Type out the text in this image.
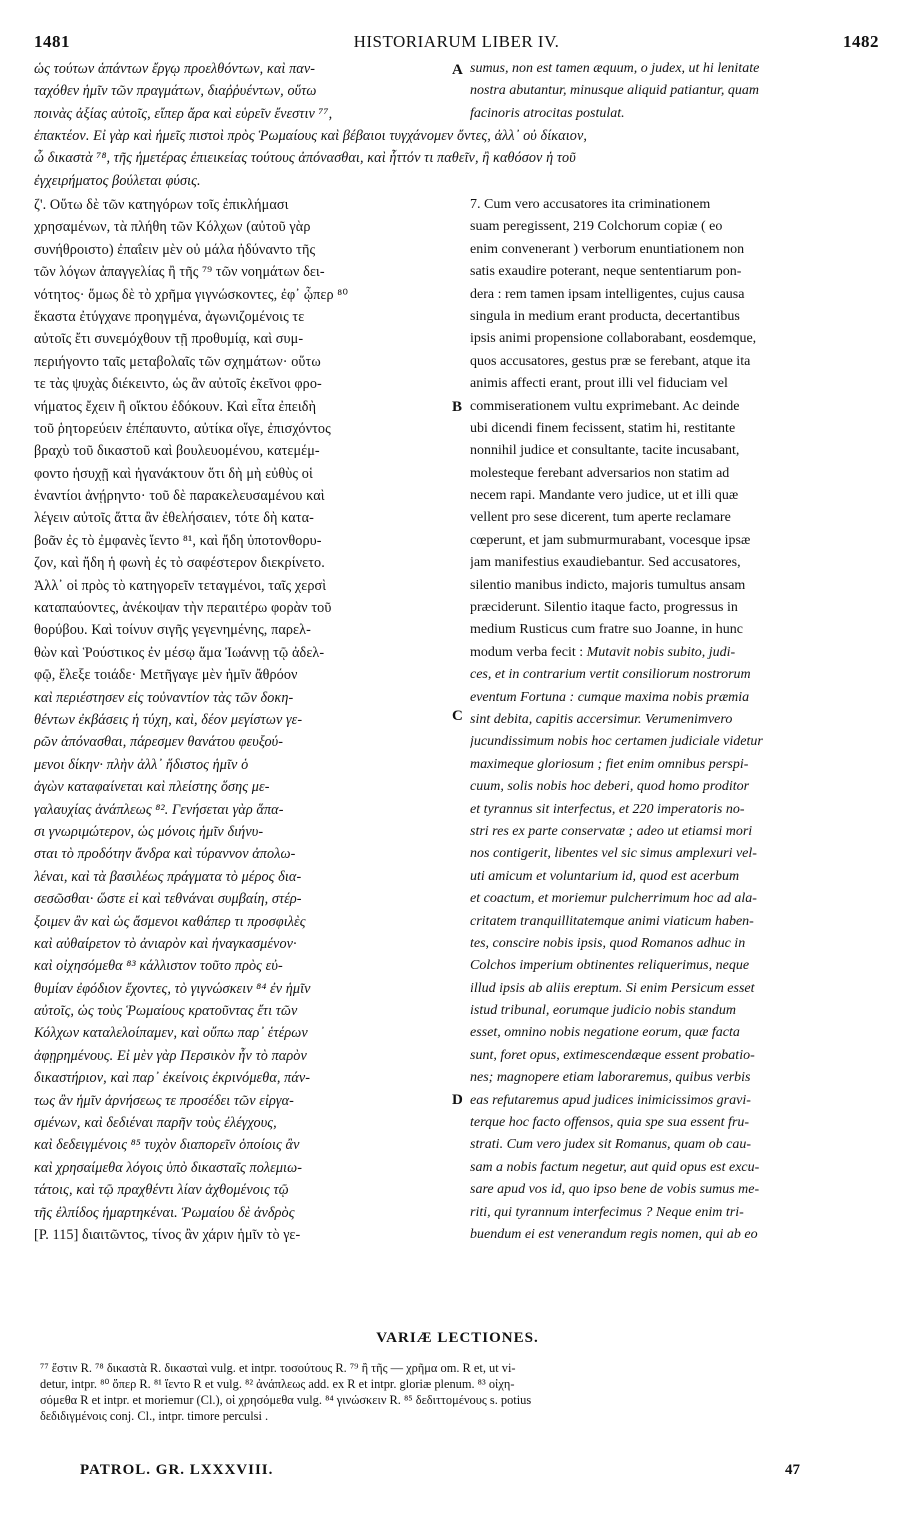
1481	HISTORIARUM LIBER IV.	1482
ὡς τούτων ἁπάντων ἔργῳ προελθόντων, καὶ παν-
ταχόθεν ἡμῖν τῶν πραγμάτων, διαῤῥυέντων, οὕτω
ποινὰς ἀξίας αὐτοῖς, εἴπερ ἄρα καὶ εὑρεῖν ἔνεστιν ⁷⁷,
sumus, non est tamen æquum, o judex, ut hi lenitate
nostra abutantur, minusque aliquid patiantur, quam
facinoris atrocitas postulat.
ἐπακτέον. Εἰ γὰρ καὶ ἡμεῖς πιστοὶ πρὸς Ῥωμαίους καὶ βέβαιοι τυγχάνομεν ὄντες, ἀλλ᾽ οὐ δίκαιον,
ὦ δικαστὰ ⁷⁸, τῆς ἡμετέρας ἐπιεικείας τούτους ἀπόνασθαι, καὶ ἧττόν τι παθεῖν, ἢ καθόσον ἡ τοῦ
ἐγχειρήματος βούλεται φύσις.
ζ'. Οὕτω δὲ τῶν κατηγόρων τοῖς ἐπικλήμασι
χρησαμένων, τὰ πλήθη τῶν Κόλχων (αὐτοῦ γὰρ
συνήθροιστο) ἐπαΐειν μὲν οὐ μάλα ἠδύναντο τῆς
τῶν λόγων ἀπαγγελίας ἢ τῆς ⁷⁹ τῶν νοημάτων δει-
νότητος· ὅμως δὲ τὸ χρῆμα γιγνώσκοντες, ἐφ᾽ ᾧπερ ⁸⁰
ἕκαστα ἐτύγχανε προηγμένα, ἀγωνιζομένοις τε
αὐτοῖς ἔτι συνεμόχθουν τῇ προθυμίᾳ, καὶ συμ-
περιήγοντο ταῖς μεταβολαῖς τῶν σχημάτων· οὕτω
τε τὰς ψυχὰς διέκειντο, ὡς ἂν αὐτοῖς ἐκεῖνοι φρο-
νήματος ἔχειν ἢ οἴκτου ἐδόκουν. Καὶ εἶτα ἐπειδὴ
τοῦ ῥητορεύειν ἐπέπαυντο, αὐτίκα οἵγε, ἐπισχόντος
βραχὺ τοῦ δικαστοῦ καὶ βουλευομένου, κατεμέμ-
φοντο ἡσυχῇ καὶ ἠγανάκτουν ὅτι δὴ μὴ εὐθὺς οἱ
ἐναντίοι ἀνῄρηντο· τοῦ δὲ παρακελευσαμένου καὶ
λέγειν αὐτοῖς ἅττα ἂν ἐθελήσαιεν, τότε δὴ κατα-
βοᾶν ἐς τὸ ἐμφανὲς ἵεντο ⁸¹, καὶ ἤδη ὑποτονθορυ-
ζον, καὶ ἤδη ἡ φωνὴ ἐς τὸ σαφέστερον διεκρίνετο.
Ἀλλ᾽ οἱ πρὸς τὸ κατηγορεῖν τεταγμένοι, ταῖς χερσὶ
καταπαύοντες, ἀνέκοψαν τὴν περαιτέρω φορὰν τοῦ
θορύβου. Καὶ τοίνυν σιγῆς γεγενημένης, παρελ-
θὼν καὶ Ῥούστικος ἐν μέσῳ ἅμα Ἰωάννῃ τῷ ἀδελ-
φῷ, ἔλεξε τοιάδε· Μετῆγαγε μὲν ἡμῖν ἄθρόον
καὶ περιέστησεν εἰς τοὐναντίον τὰς τῶν δοκη-
θέντων ἐκβάσεις ἡ τύχη, καὶ, δέον μεγίστων γε-
ρῶν ἀπόνασθαι, πάρεσμεν θανάτου φευξού-
μενοι δίκην· πλὴν ἀλλ᾽ ἥδιστος ἡμῖν ὁ
ἀγὼν καταφαίνεται καὶ πλείστης ὅσης με-
γαλαυχίας ἀνάπλεως ⁸². Γενήσεται γὰρ ἅπα-
σι γνωριμώτερον, ὡς μόνοις ἡμῖν διήνυ-
σται τὸ προδότην ἄνδρα καὶ τύραννον ἀπολω-
λέναι, καὶ τὰ βασιλέως πράγματα τὸ μέρος δια-
σεσῶσθαι· ὥστε εἰ καὶ τεθνάναι συμβαίη, στέρ-
ξοιμεν ἂν καὶ ὡς ἄσμενοι καθάπερ τι προσφιλὲς
καὶ αὐθαίρετον τὸ ἀνιαρὸν καὶ ἠναγκασμένον·
καὶ οἰχησόμεθα ⁸³ κάλλιστον τοῦτο πρὸς εὐ-
θυμίαν ἐφόδιον ἔχοντες, τὸ γιγνώσκειν ⁸⁴ ἐν ἡμῖν
αὐτοῖς, ὡς τοὺς Ῥωμαίους κρατοῦντας ἔτι τῶν
Κόλχων καταλελοίπαμεν, καὶ οὔπω παρ᾽ ἑτέρων
ἀφῃρημένους. Εἰ μὲν γὰρ Περσικὸν ἦν τὸ παρὸν
δικαστήριον, καὶ παρ᾽ ἐκείνοις ἐκρινόμεθα, πάν-
τως ἂν ἡμῖν ἀρνήσεως τε προσέδει τῶν εἰργα-
σμένων, καὶ δεδιέναι παρῆν τοὺς ἐλέγχους,
καὶ δεδειγμένοις ⁸⁵ τυχὸν διαπορεῖν ὁποίοις ἂν
καὶ χρησαίμεθα λόγοις ὑπὸ δικασταῖς πολεμιω-
τάτοις, καὶ τῷ πραχθέντι λίαν ἀχθομένοις τῷ
τῆς ἐλπίδος ἡμαρτηκέναι. Ῥωμαίου δὲ ἀνδρὸς
[P. 115] διαιτῶντος, τίνος ἂν χάριν ἡμῖν τὸ γε-
7. Cum vero accusatores ita criminationem
suam peregissent, 219 Colchorum copiæ ( eo
enim convenerant ) verborum enuntiationem non
satis exaudire poterant, neque sententiarum pon-
dera : rem tamen ipsam intelligentes, cujus causa
singula in medium erant producta, decertantibus
ipsis animi propensione collaborabant, eosdemque,
quos accusatores, gestus præ se ferebant, atque ita
animis affecti erant, prout illi vel fiduciam vel
commiserationem vultu exprimebant. Ac deinde
ubi dicendi finem fecissent, statim hi, restitante
nonnihil judice et consultante, tacite incusabant,
molesteque ferebant adversarios non statim ad
necem rapi. Mandante vero judice, ut et illi quæ
vellent pro sese dicerent, tum aperte reclamare
cœperunt, et jam submurmurabant, vocesque ipsæ
jam manifestius exaudiebantur. Sed accusatores,
silentio manibus indicto, majoris tumultus ansam
præciderunt. Silentio itaque facto, progressus in
medium Rusticus cum fratre suo Joanne, in hunc
modum verba fecit : Mutavit nobis subito, judi-
ces, et in contrarium vertit consiliorum nostrorum
eventum Fortuna : cumque maxima nobis præmia
sint debita, capitis accersimur. Verumenimvero
jucundissimum nobis hoc certamen judiciale videtur
maximeque gloriosum ; fiet enim omnibus perspi-
cuum, solis nobis hoc deberi, quod homo proditor
et tyrannus sit interfectus, et 220 imperatoris no-
stri res ex parte conservatæ ; adeo ut etiamsi mori
nos contigerit, libentes vel sic simus amplexuri vel-
uti amicum et voluntarium id, quod est acerbum
et coactum, et moriemur pulcherrimum hoc ad ala-
critatem tranquillitatemque animi viaticum haben-
tes, conscire nobis ipsis, quod Romanos adhuc in
Colchos imperium obtinentes reliquerimus, neque
illud ipsis ab aliis ereptum. Si enim Persicum esset
istud tribunal, eorumque judicio nobis standum
esset, omnino nobis negatione eorum, quæ facta
sunt, foret opus, extimescendæque essent probatio-
nes; magnopere etiam laboraremus, quibus verbis
eas refutaremus apud judices inimicissimos gravi-
terque hoc facto offensos, quia spe sua essent fru-
strati. Cum vero judex sit Romanus, quam ob cau-
sam a nobis factum negetur, aut quid opus est excu-
sare apud vos id, quo ipso bene de vobis sumus me-
riti, qui tyrannum interfecimus ? Neque enim tri-
buendum ei est venerandum regis nomen, qui ab eo
A
B
C
D
VARIÆ LECTIONES.
⁷⁷ ἔστιν R. ⁷⁸ δικαστὰ R. δικασταὶ vulg. et intpr. τοσούτους R. ⁷⁹ ἢ τῆς — χρῆμα om. R et, ut vi-
detur, intpr. ⁸⁰ ὅπερ R. ⁸¹ ἵεντο R et vulg. ⁸² ἀνάπλεως add. ex R et intpr. gloriæ plenum. ⁸³ οἰχη-
σόμεθα R et intpr. et moriemur (Cl.), οἱ χρησόμεθα vulg. ⁸⁴ γινώσκειν R. ⁸⁵ δεδιττομένους s. potius
δεδιδιγμένοις conj. Cl., intpr. timore perculsi .
PATROL. GR. LXXXVIII.	47
